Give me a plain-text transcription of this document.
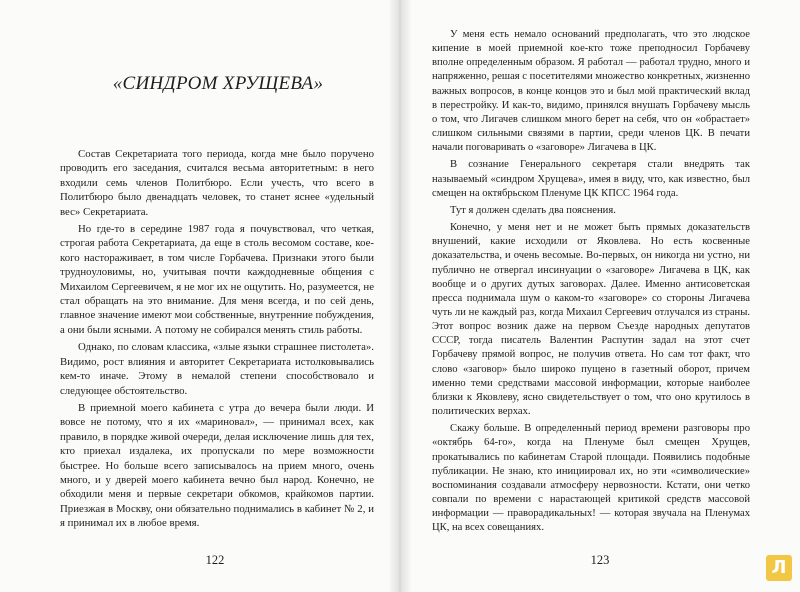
«СИНДРОМ ХРУЩЕВА»

Состав Секретариата того периода, когда мне было поручено проводить его заседания, считался весьма авторитетным: в него входили семь членов Политбюро. Если учесть, что всего в Политбюро было двенадцать человек, то станет яснее «удельный вес» Секретариата.

Но где-то в середине 1987 года я почувствовал, что четкая, строгая работа Секретариата, да еще в столь весомом составе, кое-кого настораживает, в том числе Горбачева. Признаки этого были труднoуловимы, но, учитывая почти каждодневные общения с Михаилом Сергеевичем, я не мог их не ощутить. Но, разумеется, не стал обращать на это внимание. Для меня всегда, и по сей день, главное значение имеют мои собственные, внутренние побуждения, а они были ясными. А потому не собирался менять стиль работы.

Однако, по словам классика, «злые языки страшнее пистолета». Видимо, рост влияния и авторитет Секретариата истолковывались кем-то иначе. Этому в немалой степени способствовало и следующее обстоятельство.

В приемной моего кабинета с утра до вечера были люди. И вовсе не потому, что я их «мариновал», — принимал всех, как правило, в порядке живой очереди, делая исключение лишь для тех, кто приехал издалека, их пропускали по мере возможности быстрее. Но больше всего записывалось на прием много, очень много, и у дверей моего кабинета вечно был народ. Конечно, не обходили меня и первые секретари обкомов, крайкомов партии. Приезжая в Москву, они обязательно поднимались в кабинет № 2, и я принимал их в любое время.

122	123

У меня есть немало оснований предполагать, что это людское кипение в моей приемной кое-кто тоже преподносил Горбачеву вполне определенным образом. Я работал — работал трудно, много и напряженно, решая с посетителями множество конкретных, жизненно важных вопросов, в конце концов это и был мой практический вклад в перестройку. И как-то, видимо, принялся внушать Горбачеву мысль о том, что Лигачев слишком много берет на себя, что он «обрастает» слишком сильными связями в партии, среди членов ЦК. В печати начали поговаривать о «заговоре» Лигачева в ЦК.

В сознание Генерального секретаря стали внедрять так называемый «синдром Хрущева», имея в виду, что, как известно, был смещен на октябрьском Пленуме ЦК КПСС 1964 года.

Тут я должен сделать два пояснения.

Конечно, у меня нет и не может быть прямых доказательств внушений, какие исходили от Яковлева. Но есть косвенные доказательства, и очень весомые. Во-первых, он никогда ни устно, ни публично не отвергал инсинуации о «заговоре» Лигачева в ЦК, как вообще и о других дутых заговорах. Далее. Именно антисоветская пресса поднимала шум о каком-то «заговоре» со стороны Лигачева чуть ли не каждый раз, когда Михаил Сергеевич отлучался из страны. Этот вопрос возник даже на первом Съезде народных депутатов СССР, тогда писатель Валентин Распутин задал на этот счет Горбачеву прямой вопрос, не получив ответа. Но сам тот факт, что слово «заговор» было широко пущено в газетный оборот, причем именно теми средствами массовой информации, которые наиболее близки к Яковлеву, ясно свидетельствует о том, что оно крутилось в политических верхах.

Скажу больше. В определенный период времени разговоры про «октябрь 64-го», когда на Пленуме был смещен Хрущев, прокатывались по кабинетам Старой площади. Появились подобные публикации. Не знаю, кто инициировал их, но эти «символические» воспоминания создавали атмосферу нервозности. Кстати, они четко совпали по времени с нарастающей критикой средств массовой информации — праворадикальных! — которая звучала на Пленумах ЦК, на всех совещаниях.

Л
